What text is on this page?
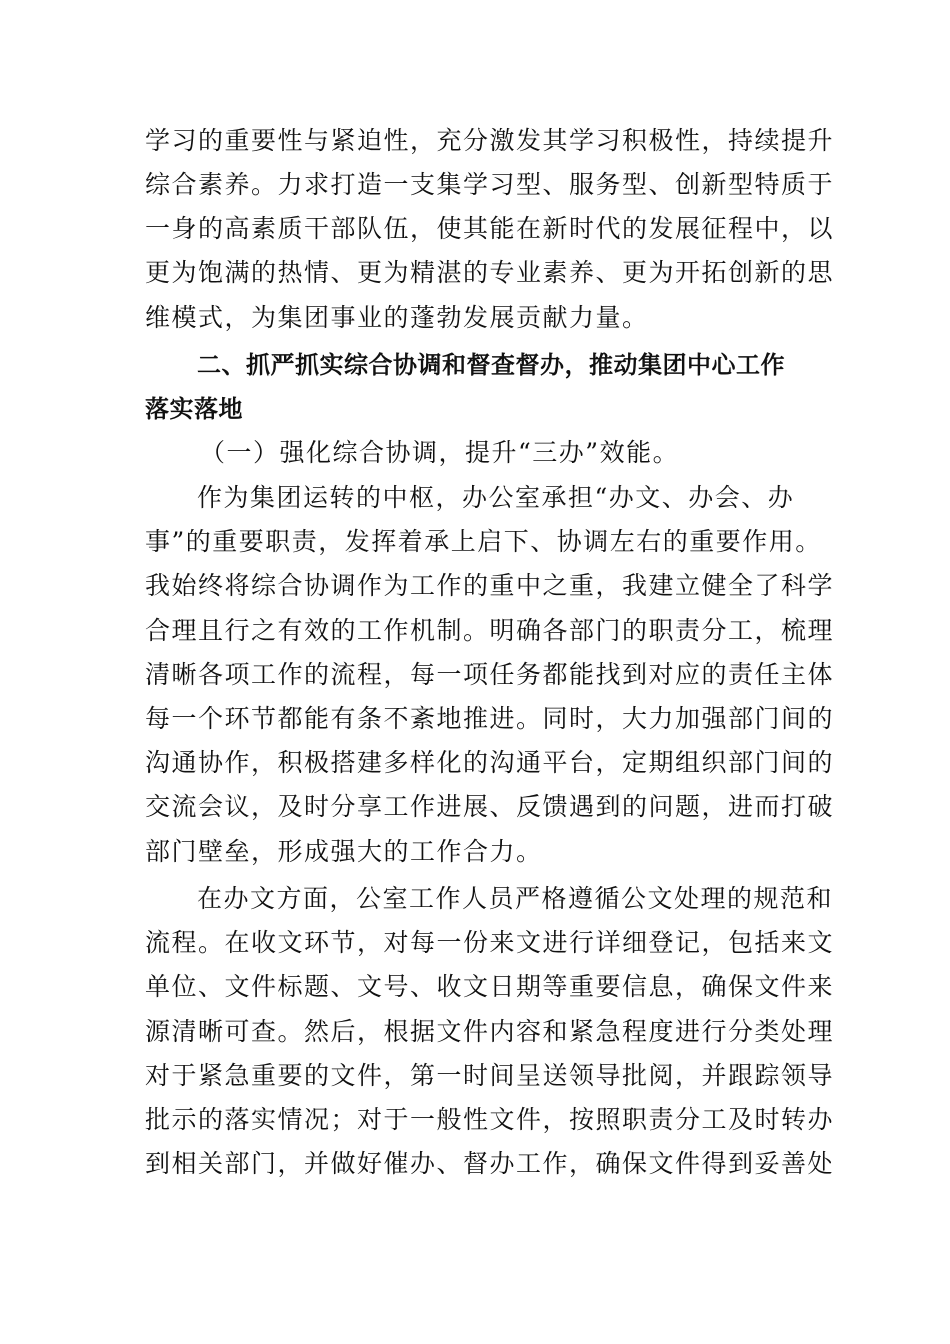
学习的重要性与紧迫性，充分激发其学习积极性，持续提升
综合素养。力求打造一支集学习型、服务型、创新型特质于
一身的高素质干部队伍，使其能在新时代的发展征程中，以
更为饱满的热情、更为精湛的专业素养、更为开拓创新的思
维模式，为集团事业的蓬勃发展贡献力量。
二、抓严抓实综合协调和督查督办，推动集团中心工作
落实落地
（一）强化综合协调，提升“三办”效能。
作为集团运转的中枢，办公室承担“办文、办会、办
事”的重要职责，发挥着承上启下、协调左右的重要作用。
我始终将综合协调作为工作的重中之重，我建立健全了科学
合理且行之有效的工作机制。明确各部门的职责分工，梳理
清晰各项工作的流程，每一项任务都能找到对应的责任主体
每一个环节都能有条不紊地推进。同时，大力加强部门间的
沟通协作，积极搭建多样化的沟通平台，定期组织部门间的
交流会议，及时分享工作进展、反馈遇到的问题，进而打破
部门壁垒，形成强大的工作合力。
在办文方面，公室工作人员严格遵循公文处理的规范和
流程。在收文环节，对每一份来文进行详细登记，包括来文
单位、文件标题、文号、收文日期等重要信息，确保文件来
源清晰可查。然后，根据文件内容和紧急程度进行分类处理
对于紧急重要的文件，第一时间呈送领导批阅，并跟踪领导
批示的落实情况；对于一般性文件，按照职责分工及时转办
到相关部门，并做好催办、督办工作，确保文件得到妥善处
